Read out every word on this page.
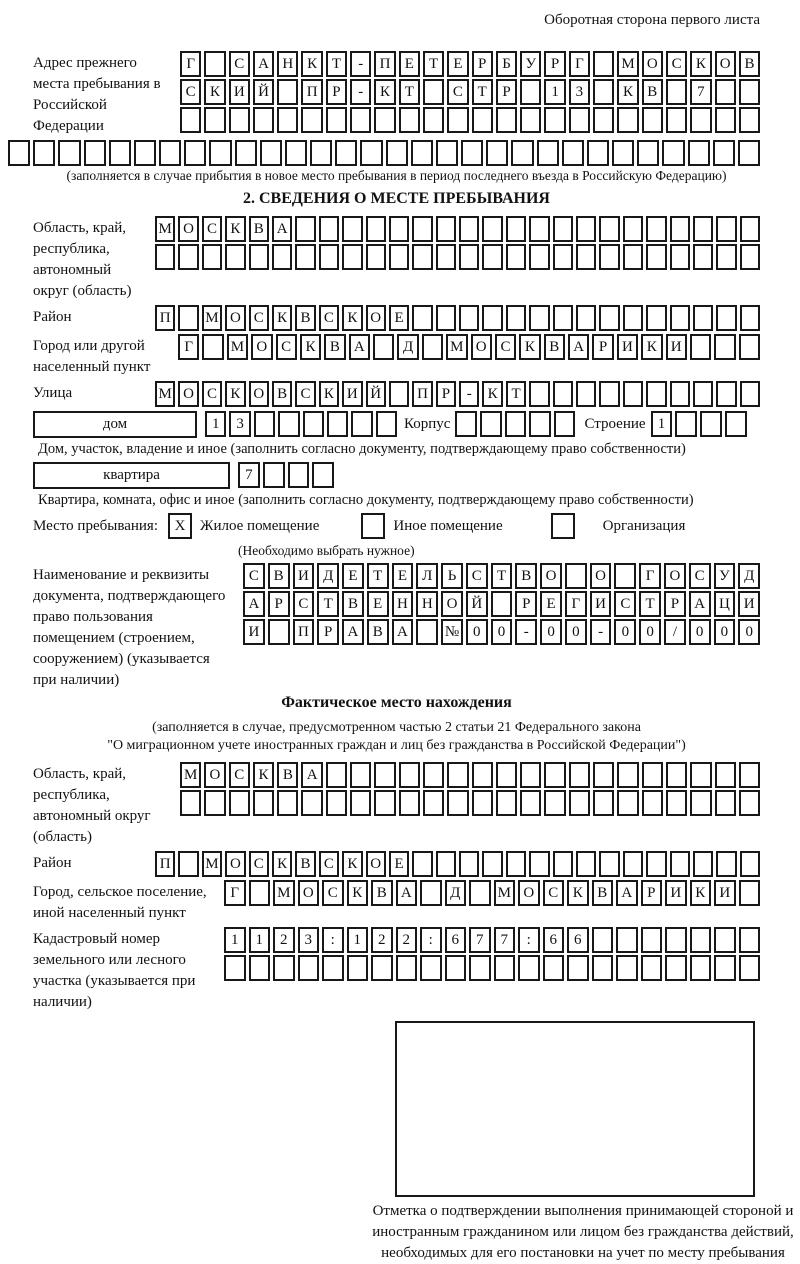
Оборотная сторона первого листа
Адрес прежнего места пребывания в Российской Федерации
Г	С А Н К Т	-	П Е	Т	Е	Р	Б У Р	Г	М О С К О В
С К И Й	П Р	-	К Т	С Т	Р	1	3	К В	7
(заполняется в случае прибытия в новое место пребывания в период последнего въезда в Российскую Федерацию)
2. СВЕДЕНИЯ О МЕСТЕ ПРЕБЫВАНИЯ
Область, край, республика, автономный округ (область)
М О С К В А
Район	П	М О С К В С К О Е
Город или другой населенный пункт
Г	М О С К В А	Д	М О С К В А Р И К И
Улица	М О С К О В С К И Й	П Р	-	К Т
дом	1	3	Корпус	Строение 1
Дом, участок, владение и иное (заполнить согласно документу, подтверждающему право собственности)
квартира	7
Квартира, комната, офис и иное (заполнить согласно документу, подтверждающему право собственности)
Место пребывания:	X Жилое помещение	Иное помещение	Организация
(Необходимо выбрать нужное)
Наименование и реквизиты документа, подтверждающего право пользования помещением (строением, сооружением) (указывается при наличии)
С В И Д	Е	Т	Е	Л	Ь	С	Т	В О	О	Г	О С У Д
А	Р	С	Т	В	Е Н Н О Й	Р	Е	Г	И С	Т	Р	А Ц И
И	П	Р	А В А	№ 0	0	-	0	0	-	0	0	/	0	0	0
Фактическое место нахождения
(заполняется в случае, предусмотренном частью 2 статьи 21 Федерального закона
"О миграционном учете иностранных граждан и лиц без гражданства в Российской Федерации")
Область, край, республика, автономный округ (область)
М О С К В А
Район	П	М О С К В С К О Е
Город, сельское поселение, иной населенный пункт
Г	М О С К В А	Д	М О С К В А Р И К И
Кадастровый номер земельного или лесного участка (указывается при наличии)
1	1	2	3	:	1	2	2	:	6	7	7	:	6	6
Отметка о подтверждении выполнения принимающей стороной и иностранным гражданином или лицом без гражданства действий, необходимых для его постановки на учет по месту пребывания
